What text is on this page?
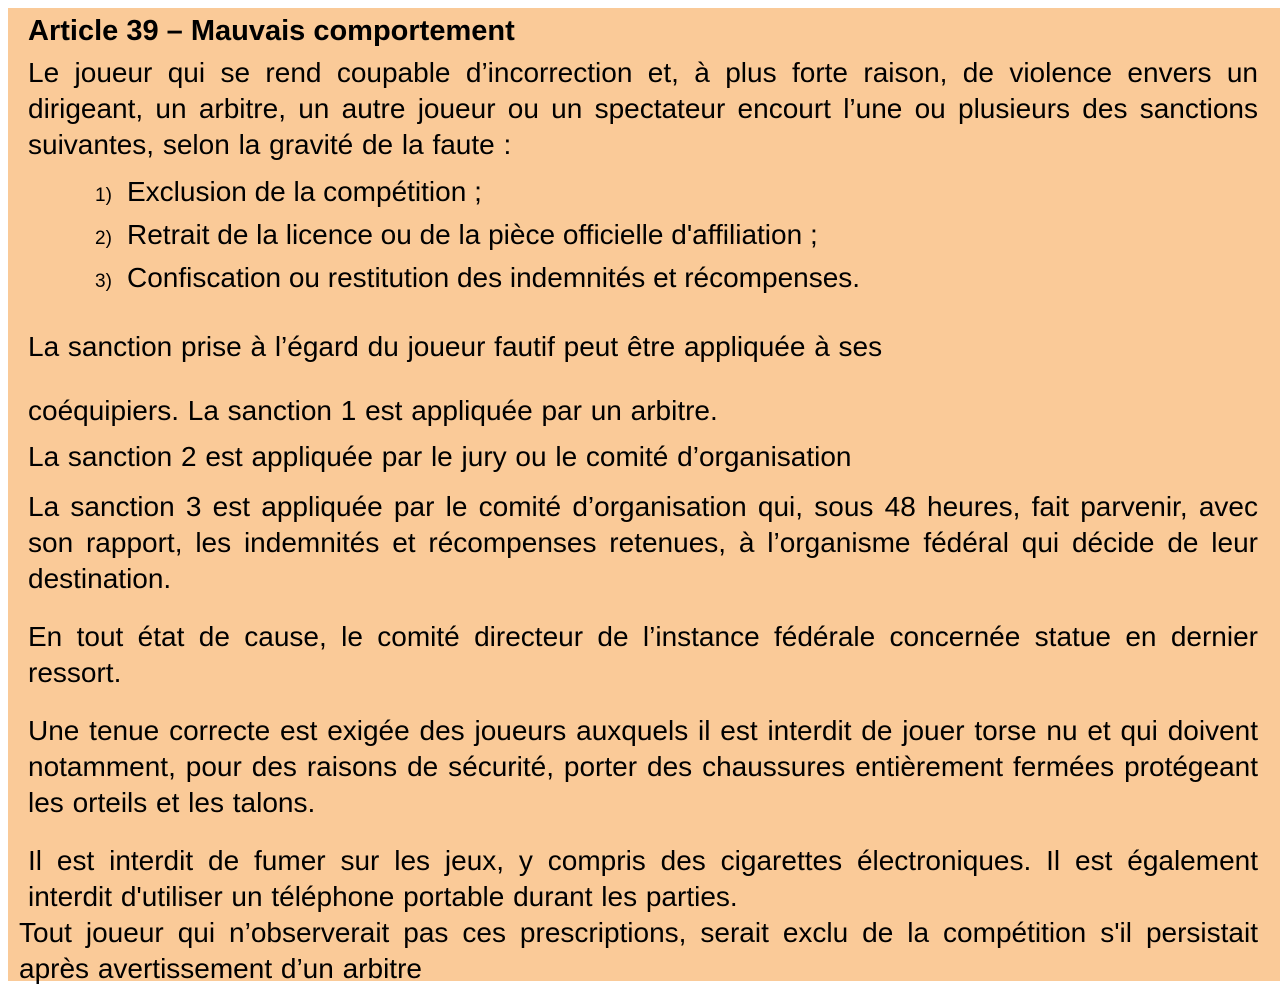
Article 39 – Mauvais comportement

Le joueur qui se rend coupable d’incorrection et, à plus forte raison, de violence envers un dirigeant, un arbitre, un autre joueur ou un spectateur encourt l’une ou plusieurs des sanctions suivantes, selon la gravité de la faute :

1) Exclusion de la compétition ;
2) Retrait de la licence ou de la pièce officielle d'affiliation ;
3) Confiscation ou restitution des indemnités et récompenses.

La sanction prise à l’égard du joueur fautif peut être appliquée à ses

coéquipiers. La sanction 1 est appliquée par un arbitre.

La sanction 2 est appliquée par le jury ou le comité d’organisation

La sanction 3 est appliquée par le comité d’organisation qui, sous 48 heures, fait parvenir, avec son rapport, les indemnités et récompenses retenues, à l’organisme fédéral qui décide de leur destination.

En tout état de cause, le comité directeur de l’instance fédérale concernée statue en dernier ressort.

Une tenue correcte est exigée des joueurs auxquels il est interdit de jouer torse nu et qui doivent notamment, pour des raisons de sécurité, porter des chaussures entièrement fermées protégeant les orteils et les talons.

Il est interdit de fumer sur les jeux, y compris des cigarettes électroniques. Il est également interdit d'utiliser un téléphone portable durant les parties.

Tout joueur qui n’observerait pas ces prescriptions, serait exclu de la compétition s'il persistait après avertissement d’un arbitre
